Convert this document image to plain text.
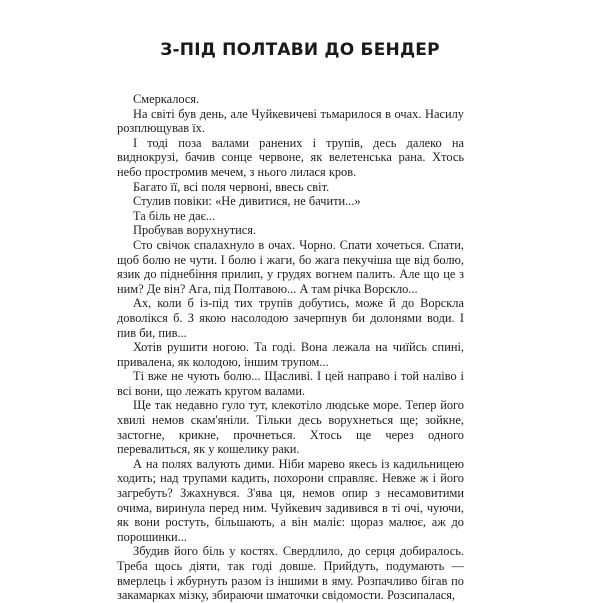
З-ПІД ПОЛТАВИ ДО БЕНДЕР

Смеркалося.

На світі був день, але Чуйкевичеві тьмарилося в очах. Насилу розплющував їх.

І тоді поза валами ранених і трупів, десь далеко на виднокрузі, бачив сонце червоне, як велетенська рана. Хтось небо простромив мечем, з нього лилася кров.

Багато її, всі поля червоні, ввесь світ.

Стулив повіки: «Не дивитися, не бачити...»

Та біль не дає...

Пробував ворухнутися.

Сто свічок спалахнуло в очах. Чорно. Спати хочеться. Спати, щоб болю не чути. І болю і жаги, бо жага пекучіша ще від болю, язик до піднебіння прилип, у грудях вогнем палить. Але що це з ним? Де він? Ага, під Полтавою... А там річка Ворскло...

Ах, коли б із-під тих трупів добутись, може й до Ворскла доволікся б. З якою насолодою зачерпнув би долонями води. І пив би, пив...

Хотів рушити ногою. Та годі. Вона лежала на чиїйсь спині, привалена, як колодою, іншим трупом...

Ті вже не чують болю... Щасливі. І цей направо і той наліво і всі вони, що лежать кругом валами.

Ще так недавно гуло тут, клекотіло людське море. Тепер його хвилі немов скам'яніли. Тільки десь ворухнеться ще; зойкне, застогне, крикне, прочнеться. Хтось ще через одного перевалиться, як у кошелику раки.

А на полях валують дими. Ніби марево якесь із кадильницею ходить; над трупами кадить, похорони справляє. Невже ж і його загребуть? Зжахнувся. З'ява ця, немов опир з несамовитими очима, виринула перед ним. Чуйкевич задивився в ті очі, чуючи, як вони ростуть, більшають, а він маліє: щораз малює, аж до порошинки...

Збудив його біль у костях. Свердлило, до серця добиралось. Треба щось діяти, так годі довше. Прийдуть, подумають — вмерлець і жбурнуть разом із іншими в яму. Розпачливо бігав по закамарках мізку, збираючи шматочки свідомости. Розсипалася,
